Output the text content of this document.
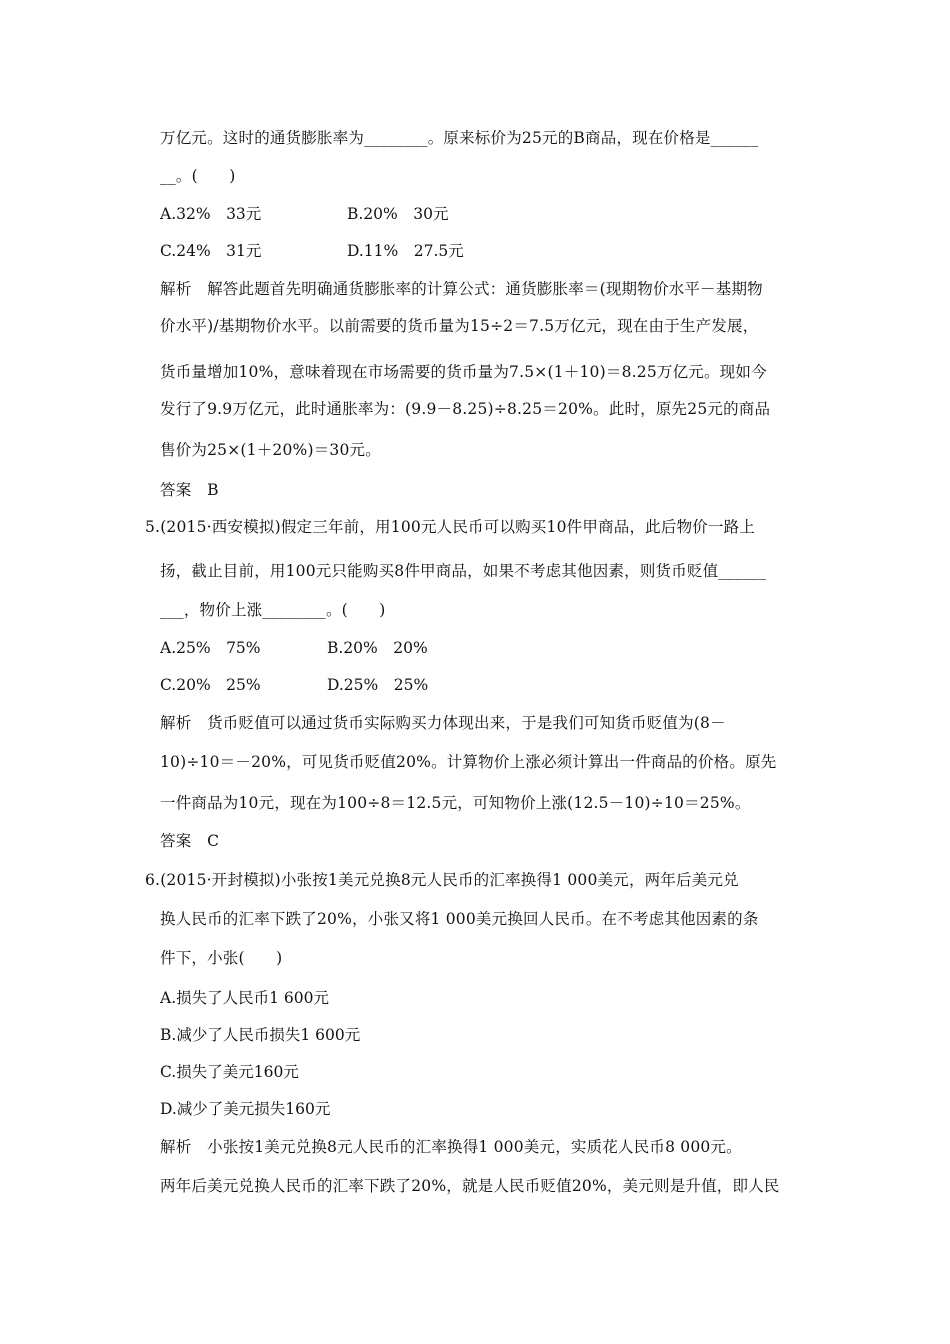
万亿元。这时的通货膨胀率为________。原来标价为25元的B商品，现在价格是______
__。(　　)
A.32%　33元	B.20%　30元
C.24%　31元	D.11%　27.5元
解析　解答此题首先明确通货膨胀率的计算公式：通货膨胀率＝(现期物价水平－基期物
价水平)/基期物价水平。以前需要的货币量为15÷2＝7.5万亿元，现在由于生产发展，
货币量增加10%，意味着现在市场需要的货币量为7.5×(1＋10)＝8.25万亿元。现如今
发行了9.9万亿元，此时通胀率为：(9.9－8.25)÷8.25＝20%。此时，原先25元的商品
售价为25×(1＋20%)＝30元。
答案　B
5.(2015·西安模拟)假定三年前，用100元人民币可以购买10件甲商品，此后物价一路上
扬，截止目前，用100元只能购买8件甲商品，如果不考虑其他因素，则货币贬值______
___，物价上涨________。(　　)
A.25%　75%	B.20%　20%
C.20%　25%	D.25%　25%
解析　货币贬值可以通过货币实际购买力体现出来，于是我们可知货币贬值为(8－
10)÷10＝－20%，可见货币贬值20%。计算物价上涨必须计算出一件商品的价格。原先
一件商品为10元，现在为100÷8＝12.5元，可知物价上涨(12.5－10)÷10＝25%。
答案　C
6.(2015·开封模拟)小张按1美元兑换8元人民币的汇率换得1 000美元，两年后美元兑
换人民币的汇率下跌了20%，小张又将1 000美元换回人民币。在不考虑其他因素的条
件下，小张(　　)
A.损失了人民币1 600元
B.减少了人民币损失1 600元
C.损失了美元160元
D.减少了美元损失160元
解析　小张按1美元兑换8元人民币的汇率换得1 000美元，实质花人民币8 000元。
两年后美元兑换人民币的汇率下跌了20%，就是人民币贬值20%，美元则是升值，即人民
